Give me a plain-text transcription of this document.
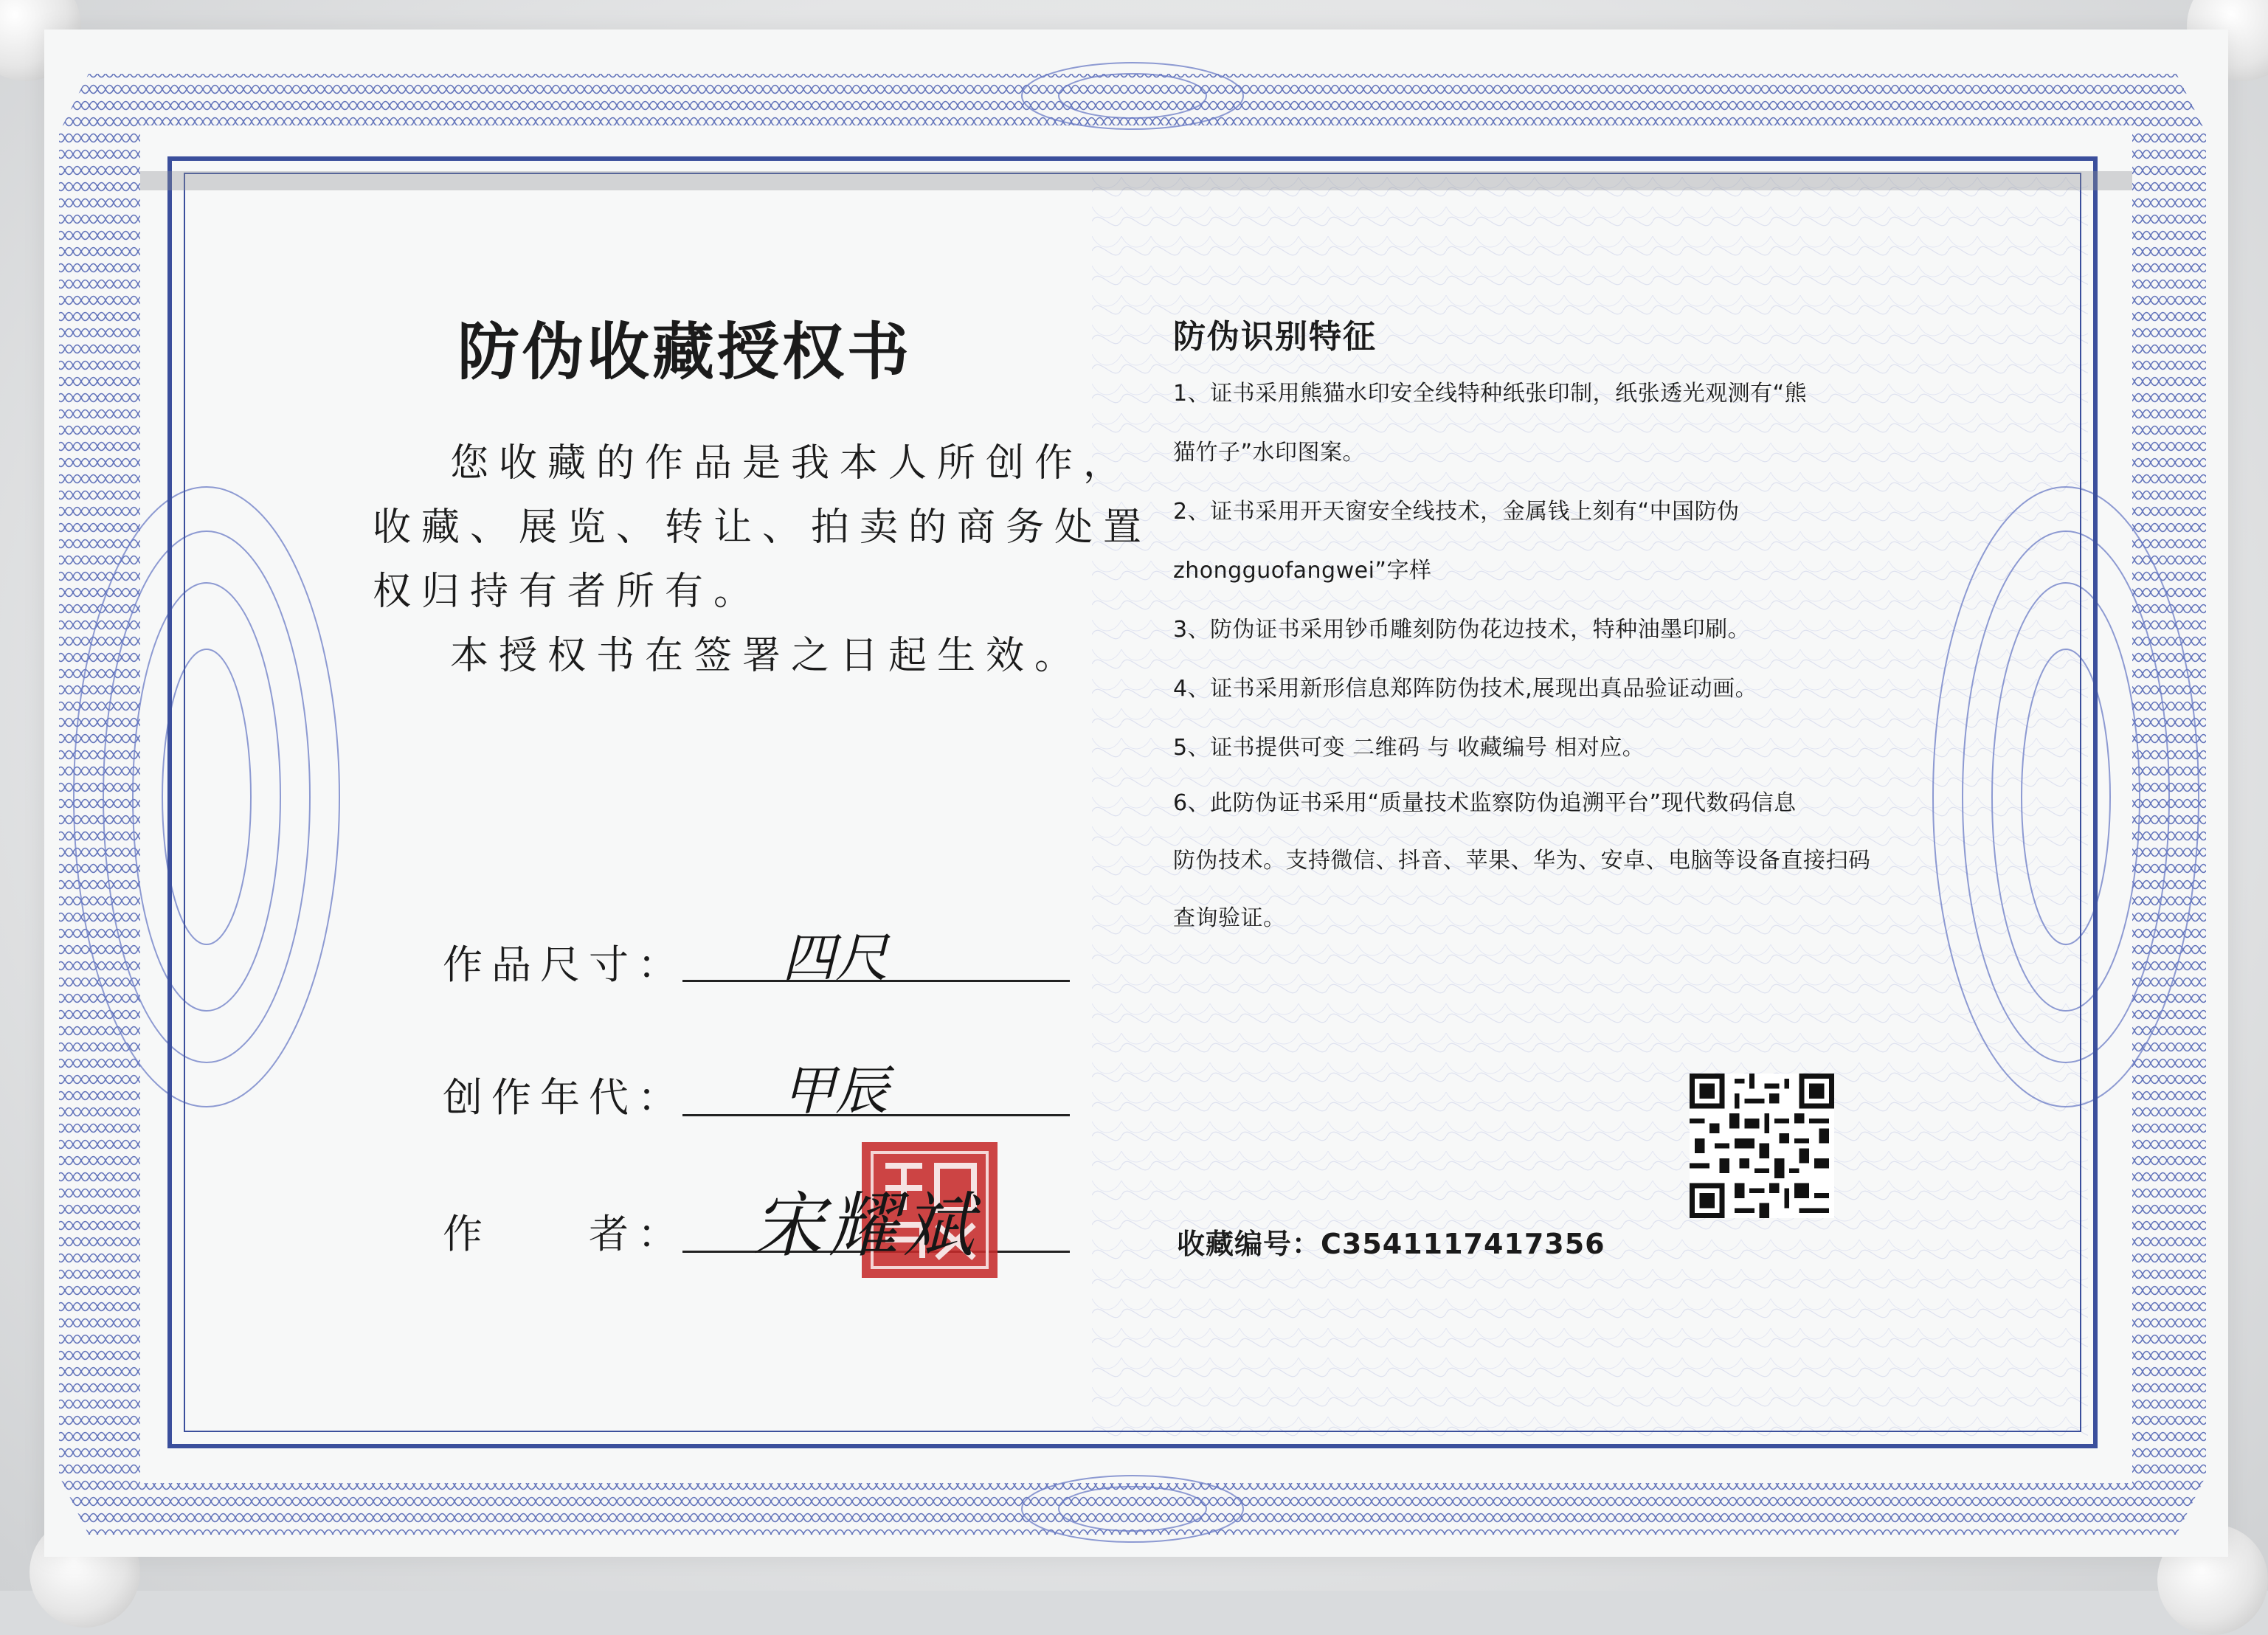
防伪收藏授权书
您收藏的作品是我本人所创作，
收藏、展览、转让、拍卖的商务处置
权归持有者所有。
本授权书在签署之日起生效。
作品尺寸： 四尺
创作年代： 甲辰
作　　者： 宋耀斌
防伪识别特征
1、证书采用熊猫水印安全线特种纸张印制，纸张透光观测有“熊
猫竹子”水印图案。
2、证书采用开天窗安全线技术，金属钱上刻有“中国防伪
zhongguofangwei”字样
3、防伪证书采用钞币雕刻防伪花边技术，特种油墨印刷。
4、证书采用新形信息郑阵防伪技术,展现出真品验证动画。
5、证书提供可变 二维码 与 收藏编号 相对应。
6、此防伪证书采用“质量技术监察防伪追溯平台”现代数码信息
防伪技术。支持微信、抖音、苹果、华为、安卓、电脑等设备直接扫码
查询验证。
收藏编号：C3541117417356
